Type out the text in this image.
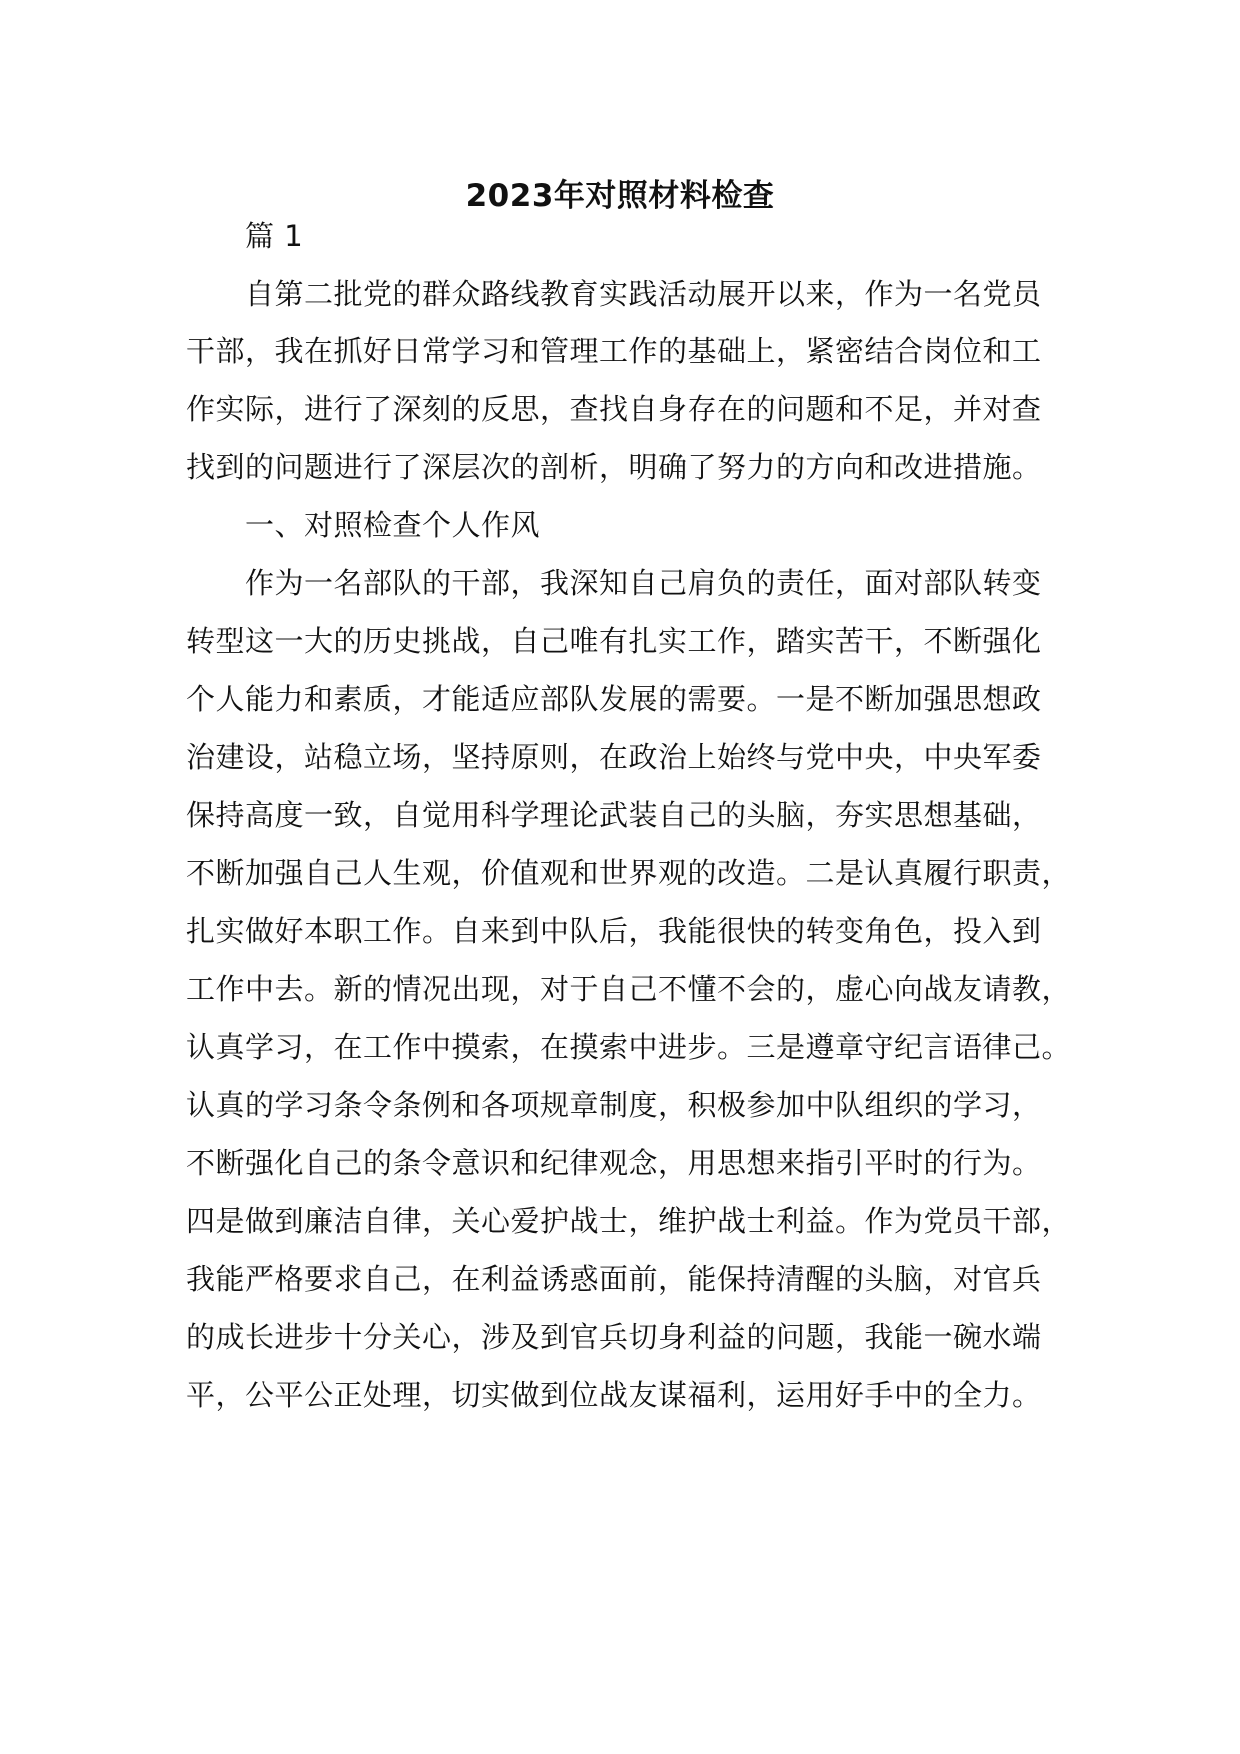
2023年对照材料检查
篇 1
自第二批党的群众路线教育实践活动展开以来，作为一名党员
干部，我在抓好日常学习和管理工作的基础上，紧密结合岗位和工
作实际，进行了深刻的反思，查找自身存在的问题和不足，并对查
找到的问题进行了深层次的剖析，明确了努力的方向和改进措施。
一、对照检查个人作风
作为一名部队的干部，我深知自己肩负的责任，面对部队转变
转型这一大的历史挑战，自己唯有扎实工作，踏实苦干，不断强化
个人能力和素质，才能适应部队发展的需要。一是不断加强思想政
治建设，站稳立场，坚持原则，在政治上始终与党中央，中央军委
保持高度一致，自觉用科学理论武装自己的头脑，夯实思想基础，
不断加强自己人生观，价值观和世界观的改造。二是认真履行职责，
扎实做好本职工作。自来到中队后，我能很快的转变角色，投入到
工作中去。新的情况出现，对于自己不懂不会的，虚心向战友请教，
认真学习，在工作中摸索，在摸索中进步。三是遵章守纪言语律己。
认真的学习条令条例和各项规章制度，积极参加中队组织的学习，
不断强化自己的条令意识和纪律观念，用思想来指引平时的行为。
四是做到廉洁自律，关心爱护战士，维护战士利益。作为党员干部，
我能严格要求自己，在利益诱惑面前，能保持清醒的头脑，对官兵
的成长进步十分关心，涉及到官兵切身利益的问题，我能一碗水端
平，公平公正处理，切实做到位战友谋福利，运用好手中的全力。
